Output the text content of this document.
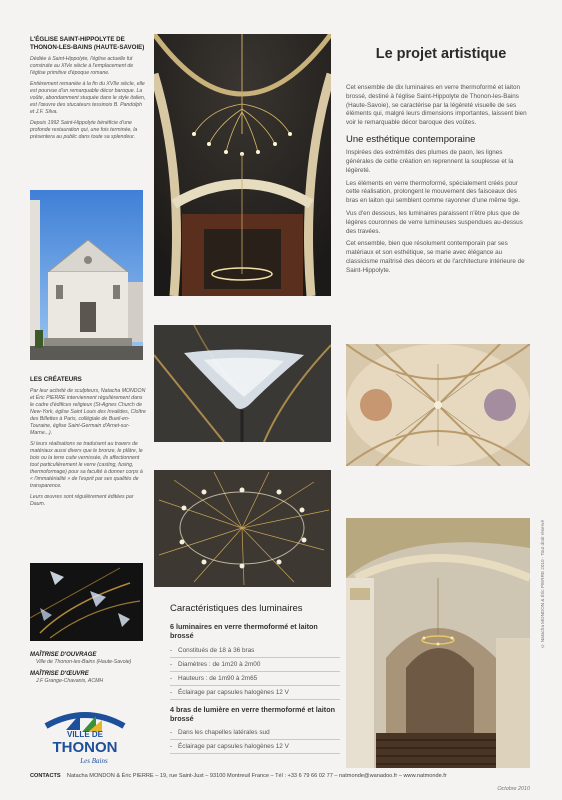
L'ÉGLISE SAINT-HIPPOLYTE DE THONON-LES-BAINS (HAUTE-SAVOIE)

Dédiée à Saint-Hippolyte, l'église actuelle fut construite au XIVe siècle à l'emplacement de l'église primitive d'époque romane.

Entièrement remaniée à la fin du XVIIe siècle, elle est pourvue d'un remarquable décor baroque. La voûte, abondamment stuquée dans le style italien, est l'œuvre des stucateurs tessinois B. Pandolph et J.F. Silva.

Depuis 1992 Saint-Hippolyte bénéficie d'une profonde restauration qui, une fois terminée, la présentera au public dans toute sa splendeur.

LES CRÉATEURS

Par leur activité de sculpteurs, Natacha MONDON et Éric PIERRE interviennent régulièrement dans le cadre d'édifices religieux (St-Agnes Church de New-York, église Saint Louis des Invalides, Cloître des Billettes à Paris, collégiale de Bueil-en-Touraine, église Saint-Germain d'Arnet-sur-Marne...).

Si leurs réalisations se traduisent au travers de matériaux aussi divers que le bronze, le plâtre, le bois ou la terre cuite vernissée, ils affectionnent tout particulièrement le verre (casting, fusing, thermoformage) pour sa faculté à donner corps à « l'immatérialité » de l'esprit par ses qualités de transparence.

Leurs œuvres sont régulièrement éditées par Daum.

MAÎTRISE D'OUVRAGE
Ville de Thonon-les-Bains (Haute-Savoie)
MAÎTRISE D'ŒUVRE
J.F Grange-Chavanis, ACMH
VILLE DE
THONON
Les Bains
Le projet artistique

Cet ensemble de dix luminaires en verre thermoformé et laiton brossé, destiné à l'église Saint-Hippolyte de Thonon-les-Bains (Haute-Savoie), se caractérise par la légèreté visuelle de ses éléments qui, malgré leurs dimensions importantes, laissent bien voir le remarquable décor baroque des voûtes.

Une esthétique contemporaine

Inspirées des extrémités des plumes de paon, les lignes générales de cette création en reprennent la souplesse et la légèreté.

Les éléments en verre thermoformé, spécialement créés pour cette réalisation, prolongent le mouvement des faisceaux des bras en laiton qui semblent comme rayonner d'une même tige.

Vus d'en dessous, les luminaires paraissent n'être plus que de légères couronnes de verre lumineuses suspendues au-dessus des travées.

Cet ensemble, bien que résolument contemporain par ses matériaux et son esthétique, se marie avec élégance au classicisme maîtrisé des décors et de l'architecture intérieure de Saint-Hippolyte.

Caractéristiques des luminaires
6 luminaires en verre thermoformé et laiton brossé
- Constitués de 18 à 36 bras
- Diamètres : de 1m20 à 2m00
- Hauteurs : de 1m90 à 2m65
- Éclairage par capsules halogènes 12 V
4 bras de lumière en verre thermoformé et laiton brossé
- Dans les chapelles latérales sud
- Éclairage par capsules halogènes 12 V
CONTACTS Natacha MONDON & Éric PIERRE – 19, rue Saint-Just – 93100 Montreuil France – Tél : +33 6 79 66 02 77 – natmonde@wanadoo.fr – www.natmonde.fr
Octobre 2010
© Natacha MONDON & Éric PIERRE 2010 · Tout droit réservé
